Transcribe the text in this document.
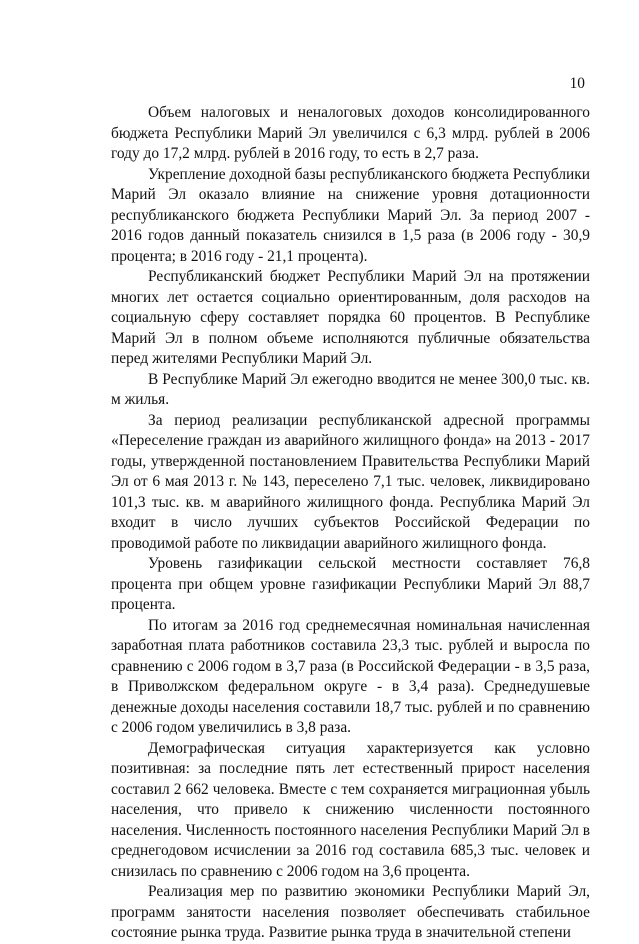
10

Объем налоговых и неналоговых доходов консолидированного бюджета Республики Марий Эл увеличился с 6,3 млрд. рублей в 2006 году до 17,2 млрд. рублей в 2016 году, то есть в 2,7 раза.

Укрепление доходной базы республиканского бюджета Республики Марий Эл оказало влияние на снижение уровня дотационности республиканского бюджета Республики Марий Эл. За период 2007 - 2016 годов данный показатель снизился в 1,5 раза (в 2006 году - 30,9 процента; в 2016 году - 21,1 процента).

Республиканский бюджет Республики Марий Эл на протяжении многих лет остается социально ориентированным, доля расходов на социальную сферу составляет порядка 60 процентов. В Республике Марий Эл в полном объеме исполняются публичные обязательства перед жителями Республики Марий Эл.

В Республике Марий Эл ежегодно вводится не менее 300,0 тыс. кв. м жилья.

За период реализации республиканской адресной программы «Переселение граждан из аварийного жилищного фонда» на 2013 - 2017 годы, утвержденной постановлением Правительства Республики Марий Эл от 6 мая 2013 г. № 143, переселено 7,1 тыс. человек, ликвидировано 101,3 тыс. кв. м аварийного жилищного фонда. Республика Марий Эл входит в число лучших субъектов Российской Федерации по проводимой работе по ликвидации аварийного жилищного фонда.

Уровень газификации сельской местности составляет 76,8 процента при общем уровне газификации Республики Марий Эл 88,7 процента.

По итогам за 2016 год среднемесячная номинальная начисленная заработная плата работников составила 23,3 тыс. рублей и выросла по сравнению с 2006 годом в 3,7 раза (в Российской Федерации - в 3,5 раза, в Приволжском федеральном округе - в 3,4 раза). Среднедушевые денежные доходы населения составили 18,7 тыс. рублей и по сравнению с 2006 годом увеличились в 3,8 раза.

Демографическая ситуация характеризуется как условно позитивная: за последние пять лет естественный прирост населения составил 2 662 человека. Вместе с тем сохраняется миграционная убыль населения, что привело к снижению численности постоянного населения. Численность постоянного населения Республики Марий Эл в среднегодовом исчислении за 2016 год составила 685,3 тыс. человек и снизилась по сравнению с 2006 годом на 3,6 процента.

Реализация мер по развитию экономики Республики Марий Эл, программ занятости населения позволяет обеспечивать стабильное состояние рынка труда. Развитие рынка труда в значительной степени
